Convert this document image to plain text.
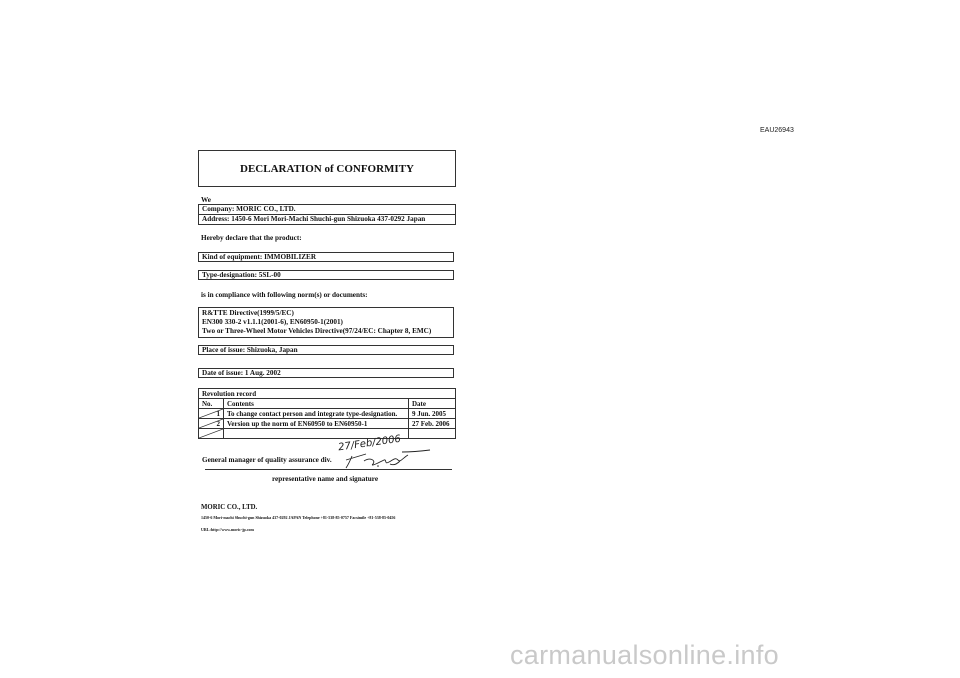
EAU26943
DECLARATION of CONFORMITY
We
Company: MORIC CO., LTD.
Address: 1450-6 Mori Mori-Machi Shuchi-gun Shizuoka 437-0292 Japan
Hereby declare that the product:
Kind of equipment: IMMOBILIZER
Type-designation: 5SL-00
is in compliance with following norm(s) or documents:
R&TTE Directive(1999/5/EC)
EN300 330-2 v1.1.1(2001-6), EN60950-1(2001)
Two or Three-Wheel Motor Vehicles Directive(97/24/EC: Chapter 8, EMC)
Place of issue: Shizuoka, Japan
Date of issue: 1 Aug. 2002
Revolution record		
No.	Contents	Date

1	To change contact person and integrate type-designation.	9 Jun. 2005

2	Version up the norm of EN60950 to EN60950-1	27 Feb. 2006

27/Feb/2006
General manager of quality assurance div.
representative name and signature
MORIC CO., LTD.
1450-6 Mori-machi Shuchi-gun Shizuoka 437-0292 JAPAN Telephone +81-538-85-0757 Facsimile +81-538-85-0456
URL:http://www.moric-jp.com
carmanualsonline.info
